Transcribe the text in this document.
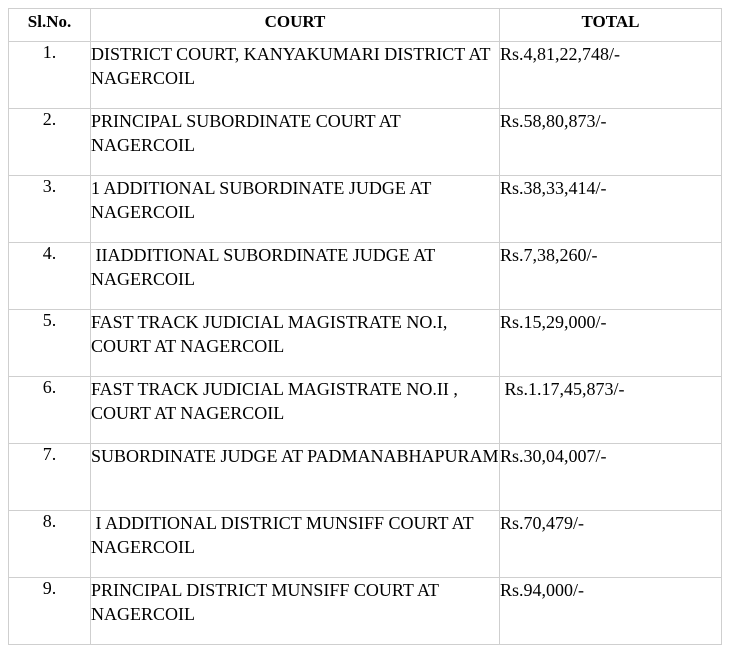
Sl.No.	COURT	TOTAL
1.	DISTRICT COURT, KANYAKUMARI DISTRICT AT NAGERCOIL	Rs.4,81,22,748/-
2.	PRINCIPAL SUBORDINATE COURT AT NAGERCOIL	Rs.58,80,873/-
3.	1 ADDITIONAL SUBORDINATE JUDGE AT NAGERCOIL	Rs.38,33,414/-
4.	IIADDITIONAL SUBORDINATE JUDGE AT NAGERCOIL	Rs.7,38,260/-
5.	FAST TRACK JUDICIAL MAGISTRATE NO.I, COURT AT NAGERCOIL	Rs.15,29,000/-
6.	FAST TRACK JUDICIAL MAGISTRATE NO.II , COURT AT NAGERCOIL	Rs.1.17,45,873/-
7.	SUBORDINATE JUDGE AT PADMANABHAPURAM	Rs.30,04,007/-
8.	I ADDITIONAL DISTRICT MUNSIFF COURT AT NAGERCOIL	Rs.70,479/-
9.	PRINCIPAL DISTRICT MUNSIFF COURT AT NAGERCOIL	Rs.94,000/-
